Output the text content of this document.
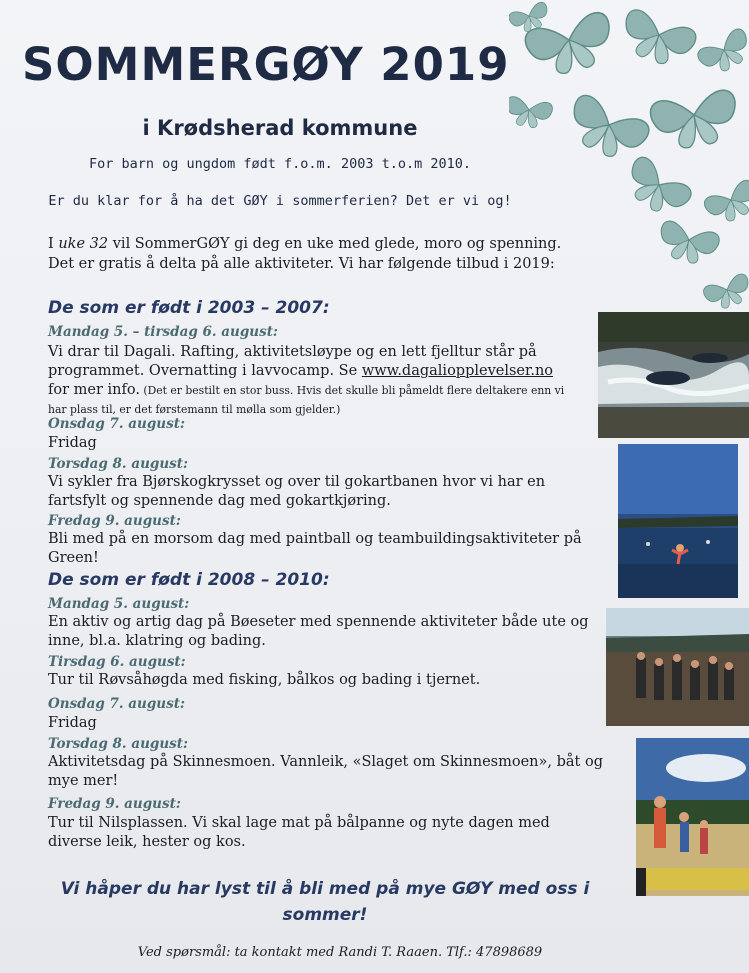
SOMMERGØY 2019
i Krødsherad kommune

For barn og ungdom født f.o.m. 2003 t.o.m 2010.

Er du klar for å ha det GØY i sommerferien? Det er vi og!

I uke 32 vil SommerGØY gi deg en uke med glede, moro og spenning. Det er gratis å delta på alle aktiviteter. Vi har følgende tilbud i 2019:

De som er født i 2003 – 2007:

Mandag 5. – tirsdag 6. august:

Vi drar til Dagali. Rafting, aktivitetsløype og en lett fjelltur står på programmet. Overnatting i lavvocamp. Se www.dagaliopplevelser.no for mer info. (Det er bestilt en stor buss. Hvis det skulle bli påmeldt flere deltakere enn vi har plass til, er det førstemann til mølla som gjelder.)

Onsdag 7. august:

Fridag

Torsdag 8. august:

Vi sykler fra Bjørskogkrysset og over til gokartbanen hvor vi har en fartsfylt og spennende dag med gokartkjøring.

Fredag 9. august:

Bli med på en morsom dag med paintball og teambuildingsaktiviteter på Green!

De som er født i 2008 – 2010:

Mandag 5. august:

En aktiv og artig dag på Bøeseter med spennende aktiviteter både ute og inne, bl.a. klatring og bading.

Tirsdag 6. august:

Tur til Røvsåhøgda med fisking, bålkos og bading i tjernet.

Onsdag 7. august:

Fridag

Torsdag 8. august:

Aktivitetsdag på Skinnesmoen. Vannleik, «Slaget om Skinnesmoen», båt og mye mer!

Fredag 9. august:

Tur til Nilsplassen. Vi skal lage mat på bålpanne og nyte dagen med diverse leik, hester og kos.

Vi håper du har lyst til å bli med på mye GØY med oss i sommer!

Ved spørsmål: ta kontakt med Randi T. Raaen. Tlf.: 47898689
